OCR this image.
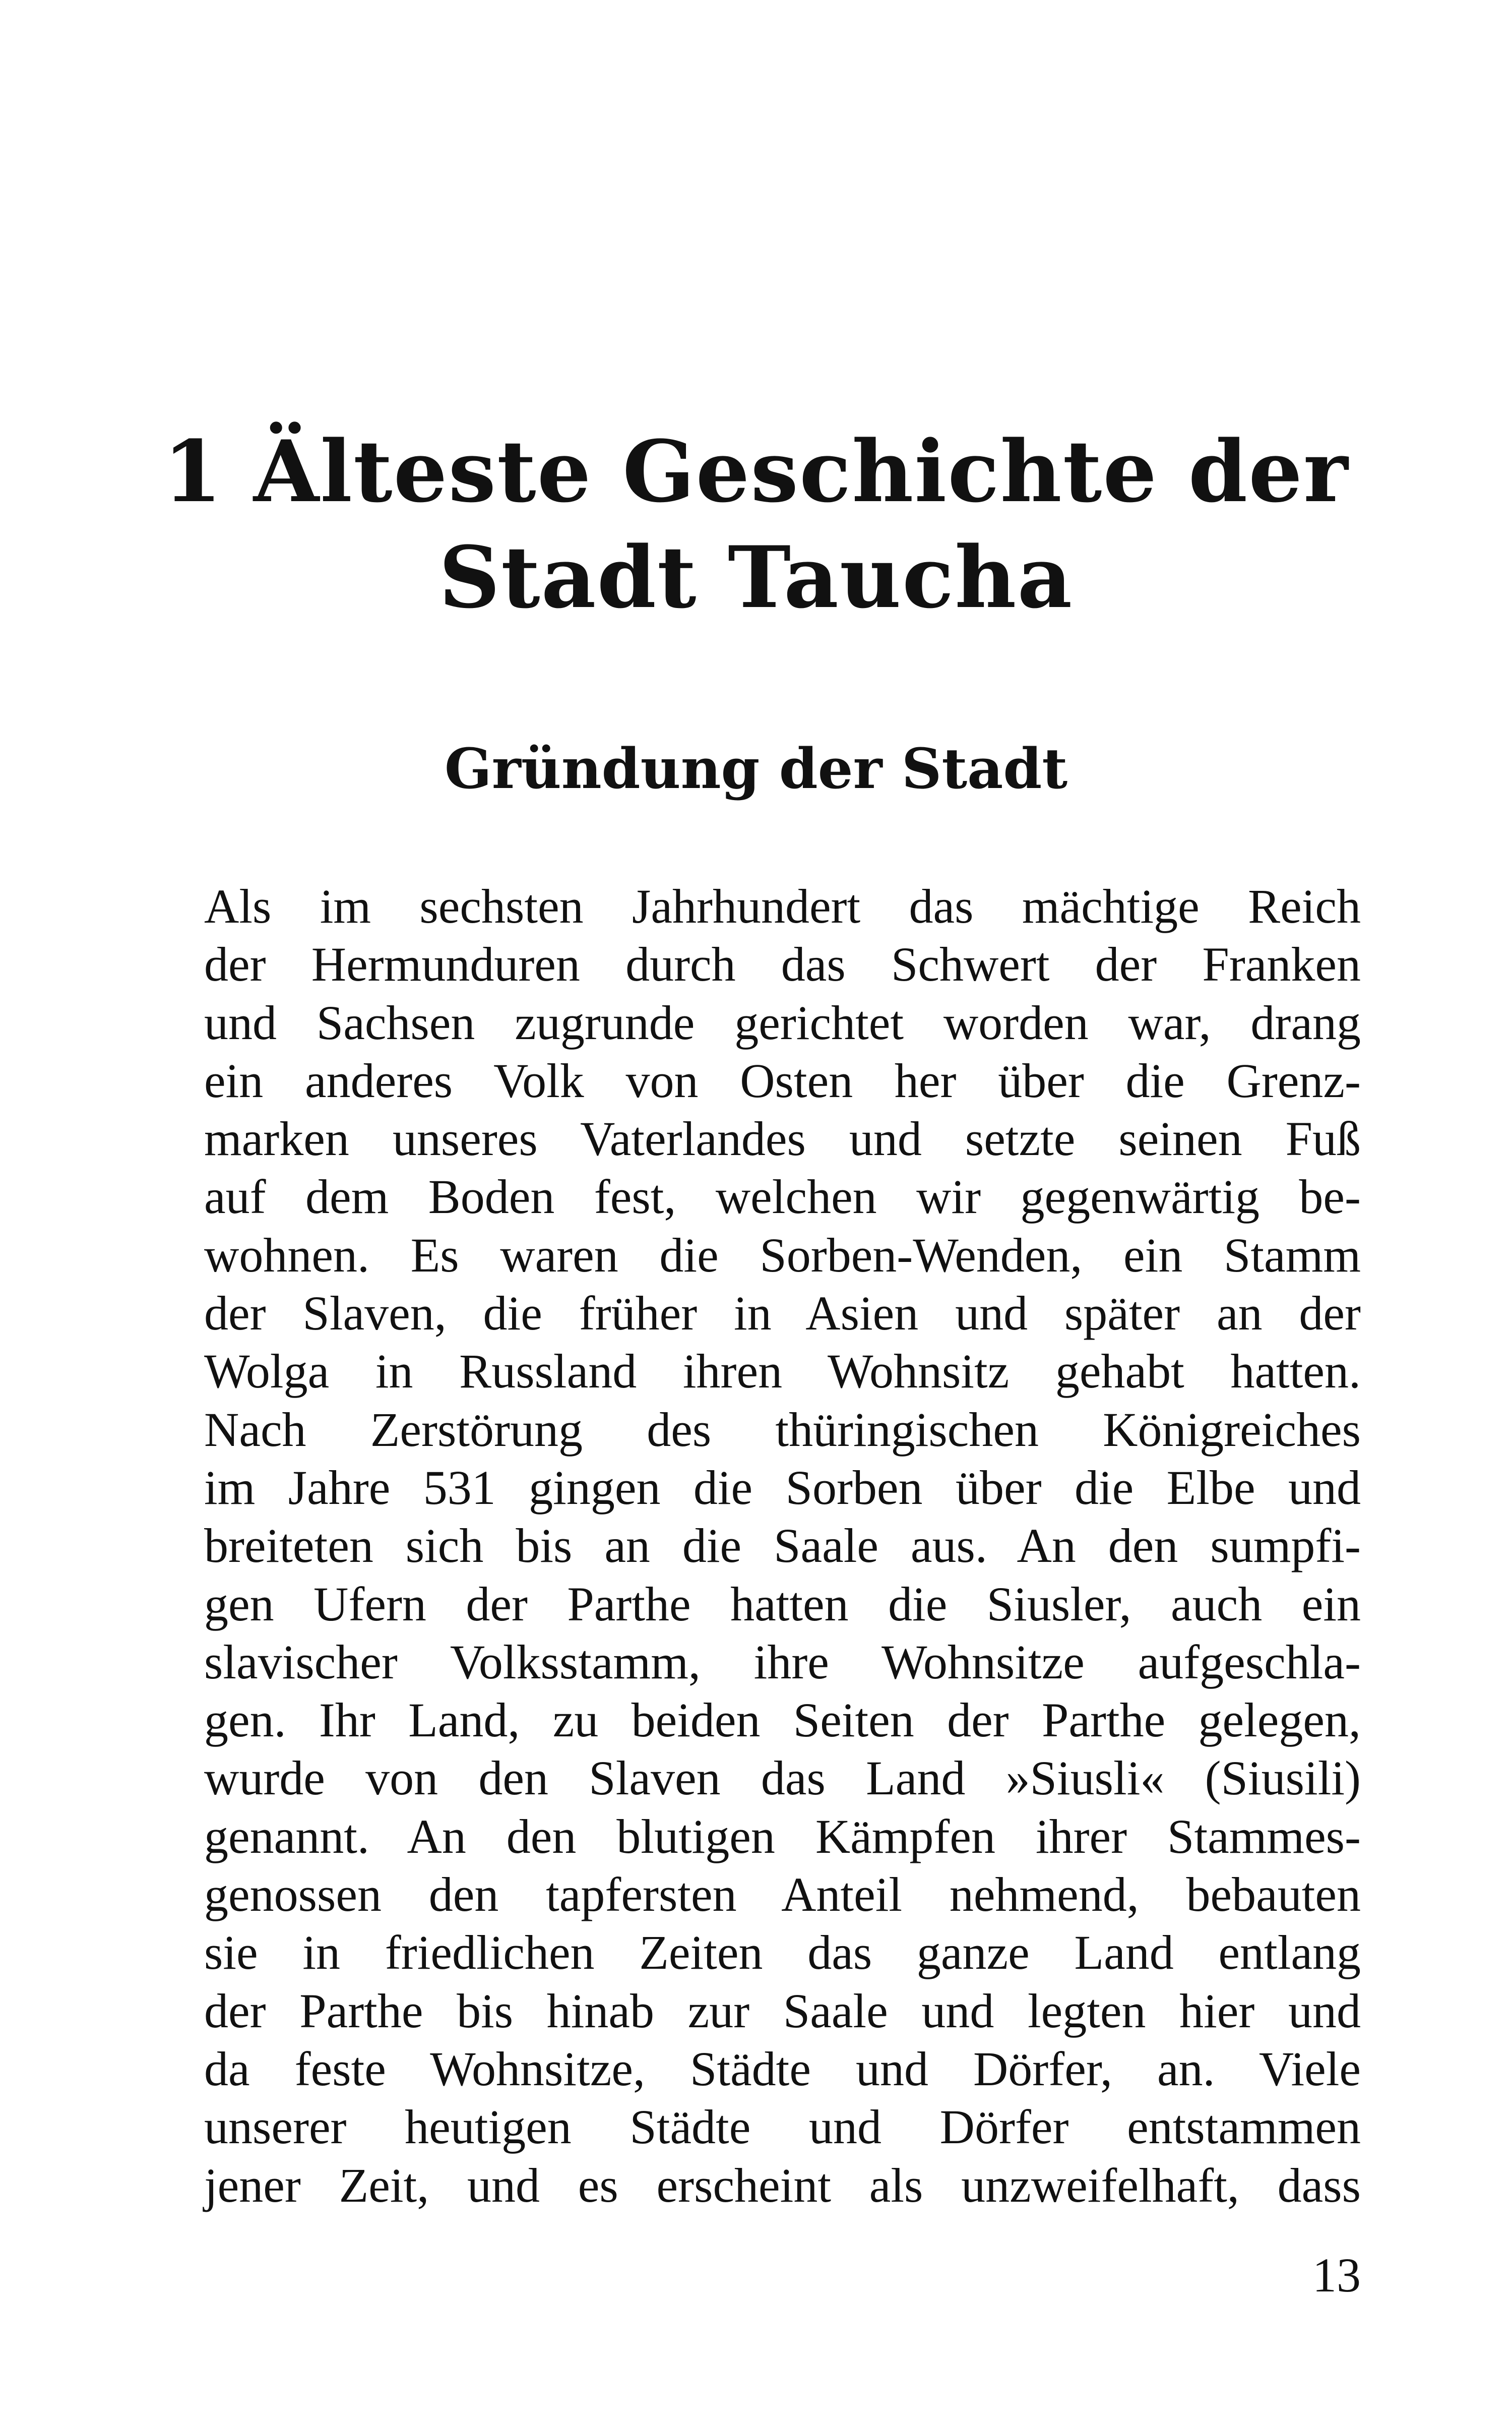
1 Älteste Geschichte der
Stadt Taucha
Gründung der Stadt
Als im sechsten Jahrhundert das mächtige Reich
der Hermunduren durch das Schwert der Franken
und Sachsen zugrunde gerichtet worden war, drang
ein anderes Volk von Osten her über die Grenz-
marken unseres Vaterlandes und setzte seinen Fuß
auf dem Boden fest, welchen wir gegenwärtig be-
wohnen. Es waren die Sorben-Wenden, ein Stamm
der Slaven, die früher in Asien und später an der
Wolga in Russland ihren Wohnsitz gehabt hatten.
Nach Zerstörung des thüringischen Königreiches
im Jahre 531 gingen die Sorben über die Elbe und
breiteten sich bis an die Saale aus. An den sumpfi-
gen Ufern der Parthe hatten die Siusler, auch ein
slavischer Volksstamm, ihre Wohnsitze aufgeschla-
gen. Ihr Land, zu beiden Seiten der Parthe gelegen,
wurde von den Slaven das Land »Siusli« (Siusili)
genannt. An den blutigen Kämpfen ihrer Stammes-
genossen den tapfersten Anteil nehmend, bebauten
sie in friedlichen Zeiten das ganze Land entlang
der Parthe bis hinab zur Saale und legten hier und
da feste Wohnsitze, Städte und Dörfer, an. Viele
unserer heutigen Städte und Dörfer entstammen
jener Zeit, und es erscheint als unzweifelhaft, dass
13
